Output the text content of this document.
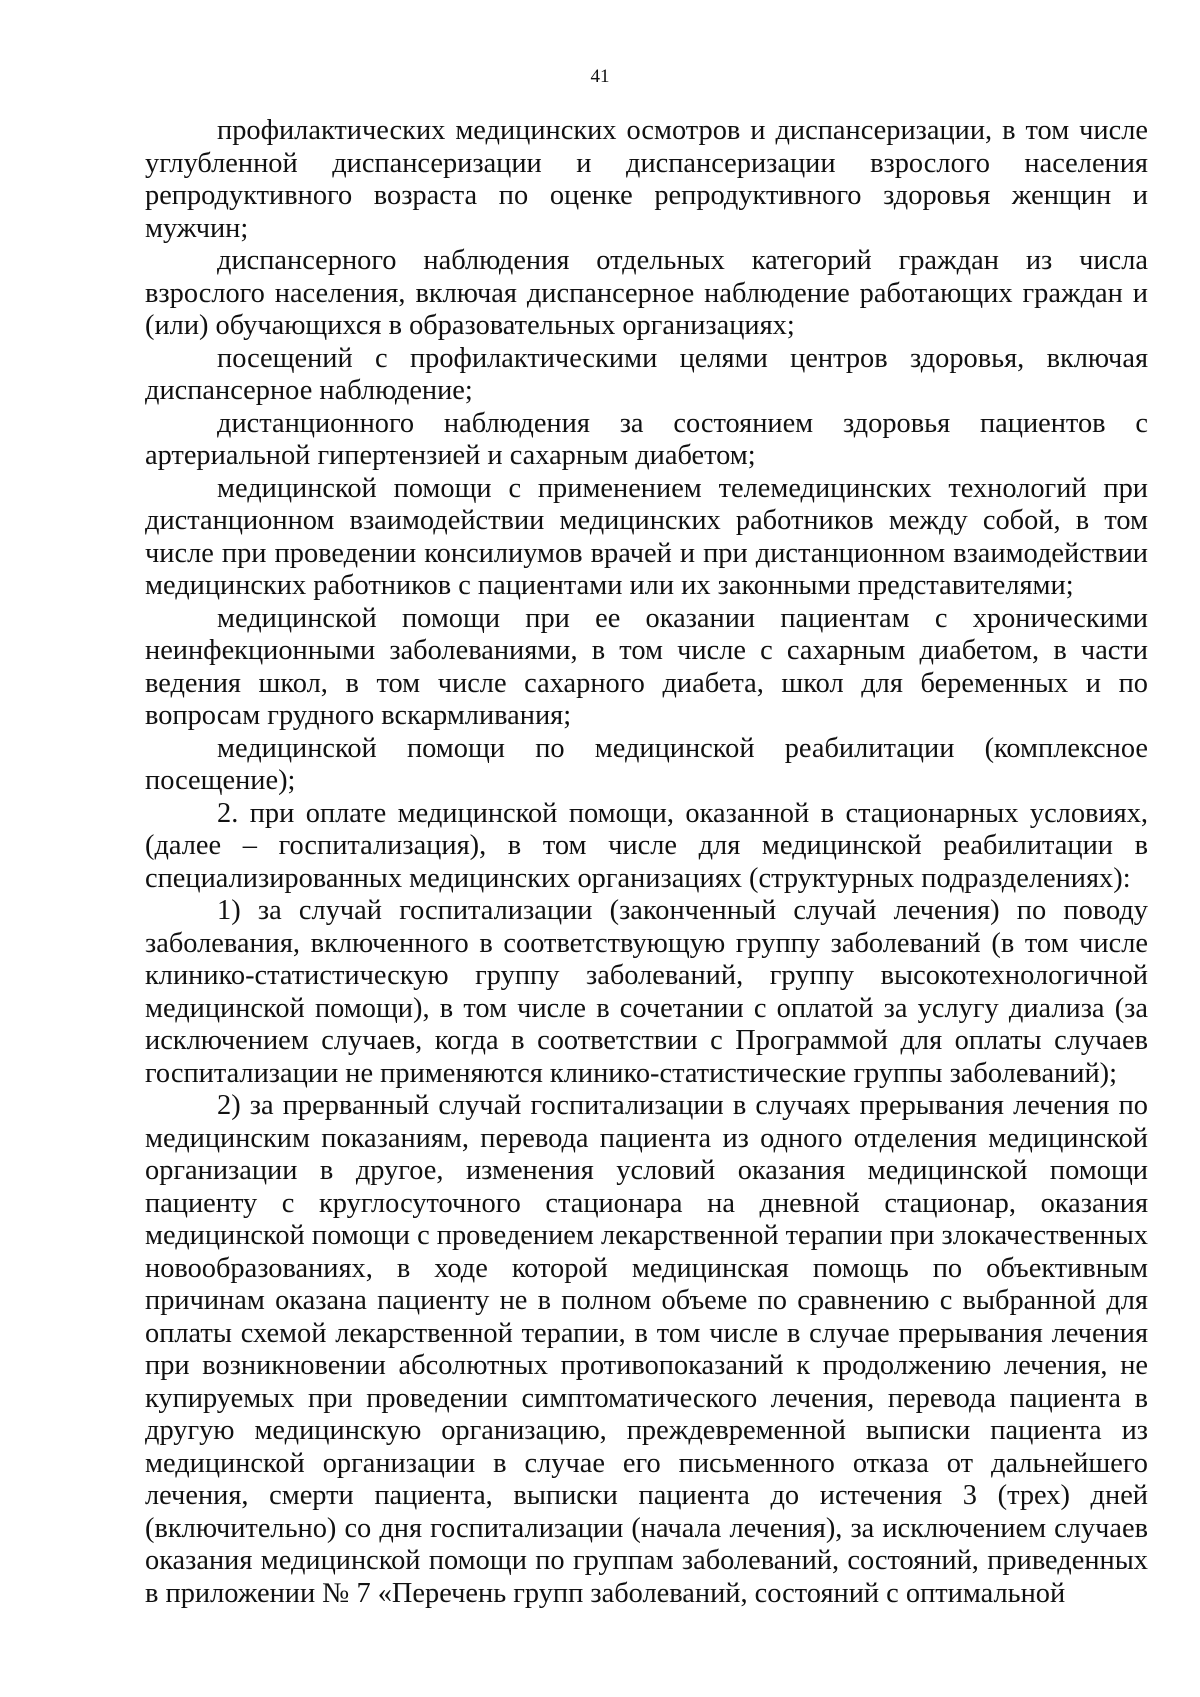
41

профилактических медицинских осмотров и диспансеризации, в том числе углубленной диспансеризации и диспансеризации взрослого населения репродуктивного возраста по оценке репродуктивного здоровья женщин и мужчин;

диспансерного наблюдения отдельных категорий граждан из числа взрослого населения, включая диспансерное наблюдение работающих граждан и (или) обучающихся в образовательных организациях;

посещений с профилактическими целями центров здоровья, включая диспансерное наблюдение;

дистанционного наблюдения за состоянием здоровья пациентов с артериальной гипертензией и сахарным диабетом;

медицинской помощи с применением телемедицинских технологий при дистанционном взаимодействии медицинских работников между собой, в том числе при проведении консилиумов врачей и при дистанционном взаимодействии медицинских работников с пациентами или их законными представителями;

медицинской помощи при ее оказании пациентам с хроническими неинфекционными заболеваниями, в том числе с сахарным диабетом, в части ведения школ, в том числе сахарного диабета, школ для беременных и по вопросам грудного вскармливания;

медицинской помощи по медицинской реабилитации (комплексное посещение);

2. при оплате медицинской помощи, оказанной в стационарных условиях, (далее – госпитализация), в том числе для медицинской реабилитации в специализированных медицинских организациях (структурных подразделениях):

1) за случай госпитализации (законченный случай лечения) по поводу заболевания, включенного в соответствующую группу заболеваний (в том числе клинико-статистическую группу заболеваний, группу высокотехнологичной медицинской помощи), в том числе в сочетании с оплатой за услугу диализа (за исключением случаев, когда в соответствии с Программой для оплаты случаев госпитализации не применяются клинико-статистические группы заболеваний);

2) за прерванный случай госпитализации в случаях прерывания лечения по медицинским показаниям, перевода пациента из одного отделения медицинской организации в другое, изменения условий оказания медицинской помощи пациенту с круглосуточного стационара на дневной стационар, оказания медицинской помощи с проведением лекарственной терапии при злокачественных новообразованиях, в ходе которой медицинская помощь по объективным причинам оказана пациенту не в полном объеме по сравнению с выбранной для оплаты схемой лекарственной терапии, в том числе в случае прерывания лечения при возникновении абсолютных противопоказаний к продолжению лечения, не купируемых при проведении симптоматического лечения, перевода пациента в другую медицинскую организацию, преждевременной выписки пациента из медицинской организации в случае его письменного отказа от дальнейшего лечения, смерти пациента, выписки пациента до истечения 3 (трех) дней (включительно) со дня госпитализации (начала лечения), за исключением случаев оказания медицинской помощи по группам заболеваний, состояний, приведенных в приложении № 7 «Перечень групп заболеваний, состояний с оптимальной
